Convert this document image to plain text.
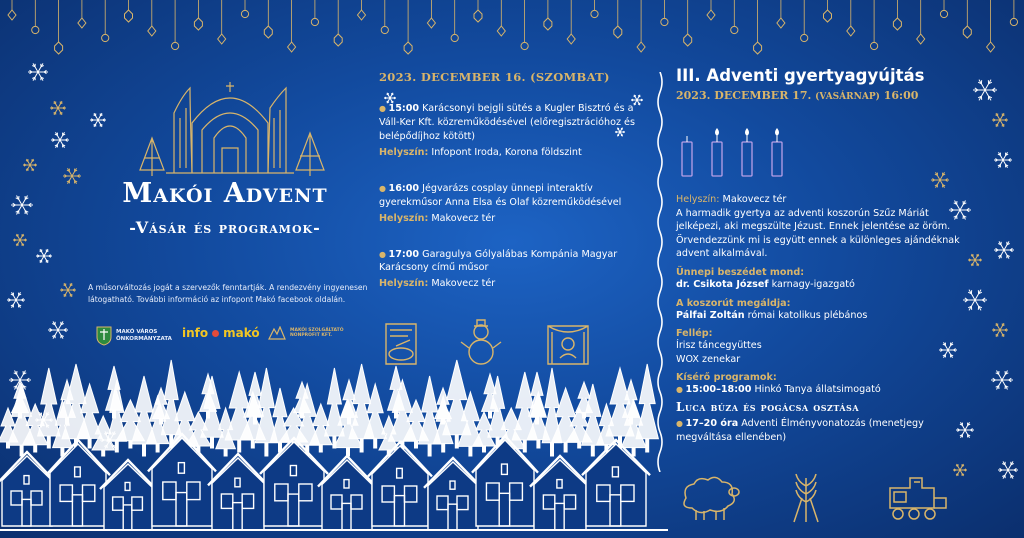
Makói Advent
-Vásár és programok-
A műsorváltozás jogát a szervezők fenntartják. A rendezvény ingyenesen látogatható. További információ az infopont Makó facebook oldalán.
MAKÓ VÁROS
ÖNKORMÁNYZATA info makó	MAKÓI SZOLGÁLTATÓ
NONPROFIT KFT.
2023. DECEMBER 16. (SZOMBAT)
● 15:00 Karácsonyi bejgli sütés a Kugler Bisztró és a Váll-Ker Kft. közreműködésével (előregisztrációhoz és belépődíjhoz kötött)
Helyszín: Infopont Iroda, Korona földszint
● 16:00 Jégvarázs cosplay ünnepi interaktív gyerekműsor Anna Elsa és Olaf közreműködésével
Helyszín: Makovecz tér
● 17:00 Garagulya Gólyalábas Kompánia Magyar Karácsony című műsor
Helyszín: Makovecz tér
III. Adventi gyertyagyújtás
2023. DECEMBER 17. (VASÁRNAP) 16:00
Helyszín: Makovecz tér
A harmadik gyertya az adventi koszorún Szűz Máriát jelképezi, aki megszülte Jézust. Ennek jelentése az öröm. Örvendezzünk mi is együtt ennek a különleges ajándéknak advent alkalmával.
Ünnepi beszédet mond:
dr. Csikota József karnagy-igazgató
A koszorút megáldja:
Pálfai Zoltán római katolikus plébános
Fellép:
Írisz táncegyüttes
WOX zenekar
Kísérő programok:
● 15:00–18:00 Hinkó Tanya állatsimogató
Luca búza és pogácsa osztása
● 17–20 óra Adventi Élményvonatozás (menetjegy megváltása ellenében)
